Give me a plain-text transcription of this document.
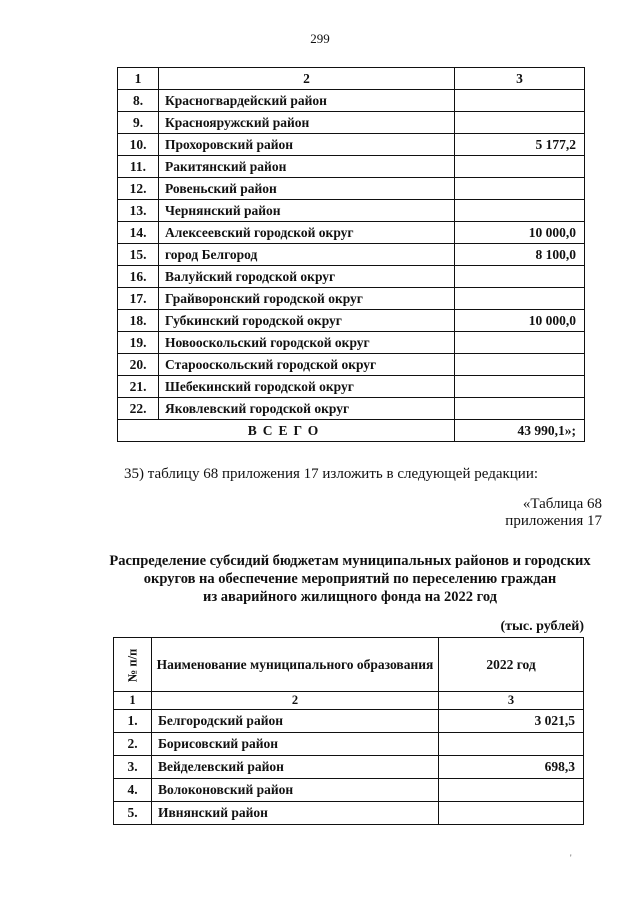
299
1	2	3
8.	Красногвардейский район	
9.	Краснояружский район	
10.	Прохоровский район	5 177,2
11.	Ракитянский район	
12.	Ровеньский район	
13.	Чернянский район	
14.	Алексеевский городской округ	10 000,0
15.	город Белгород	8 100,0
16.	Валуйский городской округ	
17.	Грайворонский городской округ	
18.	Губкинский городской округ	10 000,0
19.	Новооскольский городской округ	
20.	Старооскольский городской округ	
21.	Шебекинский городской округ	
22.	Яковлевский городской округ	
ВСЕГО		43 990,1»;
35) таблицу 68 приложения 17 изложить в следующей редакции:
«Таблица 68
приложения 17
Распределение субсидий бюджетам муниципальных районов и городских
округов на обеспечение мероприятий по переселению граждан
из аварийного жилищного фонда на 2022 год
(тыс. рублей)
№ п/п	Наименование муниципального образования	2022 год
1	2	3
1.	Белгородский район	3 021,5
2.	Борисовский район	
3.	Вейделевский район	698,3
4.	Волоконовский район	
5.	Ивнянский район	
'
